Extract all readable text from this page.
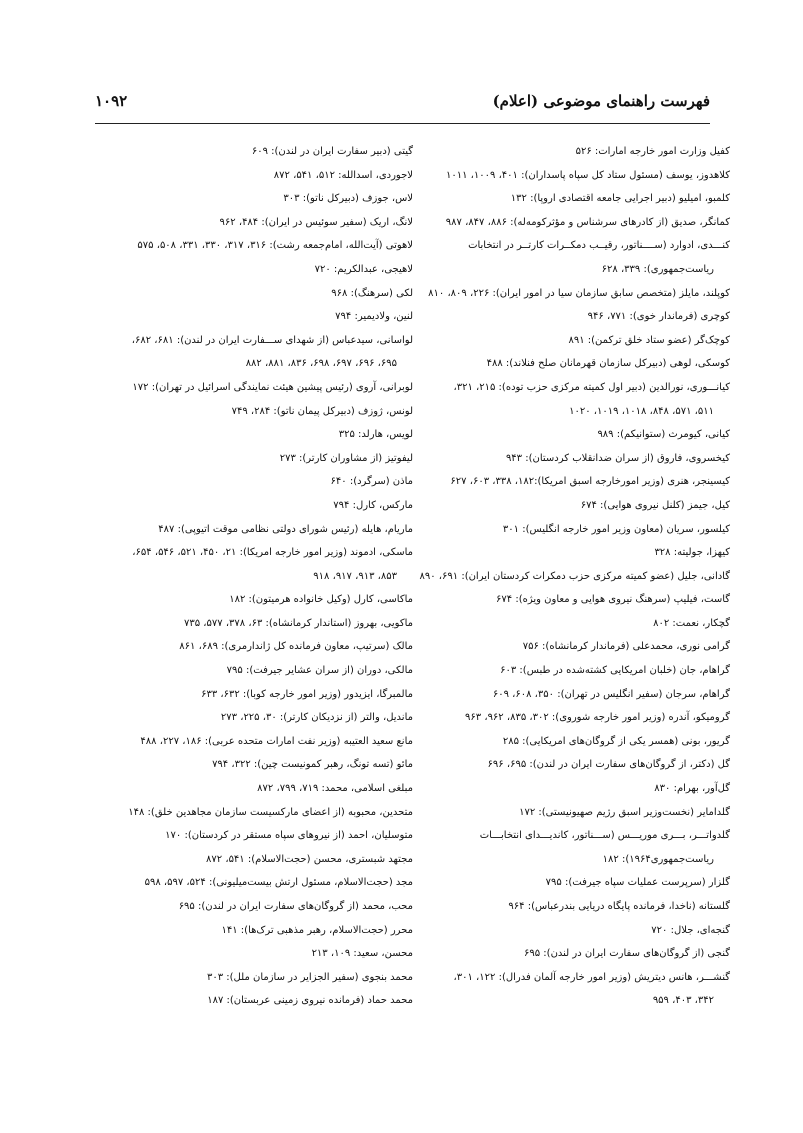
فهرست راهنمای موضوعی (اعلام)
۱۰۹۲
کفیل وزارت امور خارجه امارات: ۵۲۶
کلاهدوز، یوسف (مسئول ستاد کل سپاه پاسداران): ۴۰۱، ۱۰۰۹، ۱۰۱۱
کلمبو، امیلیو (دبیر اجرایی جامعه اقتصادی اروپا): ۱۳۲
کمانگر، صدیق (از کادرهای سرشناس و مؤثرکومه‌له): ۸۸۶، ۸۴۷، ۹۸۷
کنـــدی، ادوارد (ســــناتور، رقیــب دمکــرات کارتــر در انتخابات
ریاست‌جمهوری): ۳۳۹، ۶۲۸
کوپلند، مایلز (متخصص سابق سازمان سیا در امور ایران): ۲۲۶، ۸۰۹، ۸۱۰
کوچری (فرماندار خوی): ۷۷۱، ۹۴۶
کوچک‌گر (عضو ستاد خلق ترکمن): ۸۹۱
کوسکی، لوهی (دبیرکل سازمان قهرمانان صلح فنلاند): ۴۸۸
کیانـــوری، نورالدین (دبیر اول کمیته مرکزی حزب توده): ۲۱۵، ۳۲۱،
۵۱۱، ۵۷۱، ۸۴۸، ۱۰۱۸، ۱۰۱۹، ۱۰۲۰
کیانی، کیومرث (ستوانیکم): ۹۸۹
کیخسروی، فاروق (از سران ضدانقلاب کردستان): ۹۴۳
کیسینجر، هنری (وزیر امورخارجه اسبق امریکا):۱۸۲، ۳۳۸، ۶۰۳، ۶۲۷
کیل، جیمز (کلنل نیروی هوایی): ۶۷۴
کیلسور، سریان (معاون وزیر امور خارجه انگلیس): ۳۰۱
کیهزا، جولیته: ۳۲۸
گادانی، جلیل (عضو کمیته مرکزی حزب دمکرات کردستان ایران): ۶۹۱، ۸۹۰
گاست، فیلیپ (سرهنگ نیروی هوایی و معاون ویژه): ۶۷۴
گچکار، نعمت: ۸۰۲
گرامی نوری، محمدعلی (فرماندار کرمانشاه): ۷۵۶
گراهام، جان (خلبان امریکایی کشته‌شده در طبس): ۶۰۳
گراهام، سرجان (سفیر انگلیس در تهران): ۳۵۰، ۶۰۸، ۶۰۹
گرومیکو، آندره (وزیر امور خارجه شوروی): ۳۰۲، ۸۳۵، ۹۶۲، ۹۶۳
گریور، بونی (همسر یکی از گروگان‌های امریکایی): ۲۸۵
گل (دکتر، از گروگان‌های سفارت ایران در لندن): ۶۹۵، ۶۹۶
گل‌آور، بهرام: ۸۳۰
گلدامایر (نخست‌وزیر اسبق رژیم صهیونیستی): ۱۷۲
گلدواتـــر، بـــری موریـــس (ســـناتور، کاندیـــدای انتخابـــات
ریاست‌جمهوری۱۹۶۴): ۱۸۲
گلزار (سرپرست عملیات سپاه جیرفت): ۷۹۵
گلستانه (ناخدا، فرمانده پایگاه دریایی بندرعباس): ۹۶۴
گنجه‌ای، جلال: ۷۲۰
گنجی (از گروگان‌های سفارت ایران در لندن): ۶۹۵
گنشـــر، هانس دیتریش (وزیر امور خارجه آلمان فدرال): ۱۲۲، ۳۰۱،
۳۴۲، ۴۰۳، ۹۵۹
گیتی (دبیر سفارت ایران در لندن): ۶۰۹
لاجوردی، اسدالله: ۵۱۲، ۵۴۱، ۸۷۲
لاس، جوزف (دبیرکل ناتو): ۳۰۳
لانگ، اریک (سفیر سوئیس در ایران): ۴۸۴، ۹۶۲
لاهوتی (آیت‌الله، امام‌جمعه رشت): ۳۱۶، ۳۱۷، ۳۳۰، ۳۳۱، ۵۰۸، ۵۷۵
لاهیجی، عبدالکریم: ۷۲۰
لکی (سرهنگ): ۹۶۸
لنین، ولادیمیر: ۷۹۴
لواسانی، سیدعباس (از شهدای ســـفارت ایران در لندن): ۶۸۱، ۶۸۲،
۶۹۵، ۶۹۶، ۶۹۷، ۶۹۸، ۸۳۶، ۸۸۱، ۸۸۲
لوبرانی، آروی (رئیس پیشین هیئت نمایندگی اسرائیل در تهران): ۱۷۲
لونس، ژوزف (دبیرکل پیمان ناتو): ۲۸۴، ۷۴۹
لویس، هارلد: ۳۲۵
لیفوتیز (از مشاوران کارتر): ۲۷۳
ماذن (سرگرد): ۶۴۰
مارکس، کارل: ۷۹۴
ماریام، هایله (رئیس شورای دولتی نظامی موقت اتیوپی): ۴۸۷
ماسکی، ادموند (وزیر امور خارجه امریکا): ۲۱، ۴۵۰، ۵۲۱، ۵۴۶، ۶۵۴،
۸۵۳، ۹۱۳، ۹۱۷، ۹۱۸
ماکاسی، کارل (وکیل خانواده هرمیتون): ۱۸۲
ماکویی، بهروز (استاندار کرمانشاه): ۶۳، ۳۷۸، ۵۷۷، ۷۳۵
مالک (سرتیپ، معاون فرمانده کل ژاندارمری): ۶۸۹، ۸۶۱
مالکی، دوران (از سران عشایر جیرفت): ۷۹۵
مالمبرگا، ایزیدور (وزیر امور خارجه کوبا): ۶۳۲، ۶۳۳
ماندیل، والتر (از نزدیکان کارتر): ۳۰، ۲۲۵، ۲۷۳
مانع سعید العتیبه (وزیر نفت امارات متحده عربی): ۱۸۶، ۲۲۷، ۴۸۸
مائو (تسه تونگ، رهبر کمونیست چین): ۳۲۲، ۷۹۴
مبلغی اسلامی، محمد: ۷۱۹، ۷۹۹، ۸۷۲
متحدین، محبوبه (از اعضای مارکسیست سازمان مجاهدین خلق): ۱۴۸
متوسلیان، احمد (از نیروهای سپاه مستقر در کردستان): ۱۷۰
مجتهد شبستری، محسن (حجت‌الاسلام): ۵۴۱، ۸۷۲
مجد (حجت‌الاسلام، مسئول ارتش بیست‌میلیونی): ۵۲۴، ۵۹۷، ۵۹۸
محب، محمد (از گروگان‌های سفارت ایران در لندن): ۶۹۵
محرر (حجت‌الاسلام، رهبر مذهبی ترک‌ها): ۱۴۱
محسن، سعید: ۱۰۹، ۲۱۳
محمد بنجوی (سفیر الجزایر در سازمان ملل): ۳۰۳
محمد حماد (فرمانده نیروی زمینی عربستان): ۱۸۷
